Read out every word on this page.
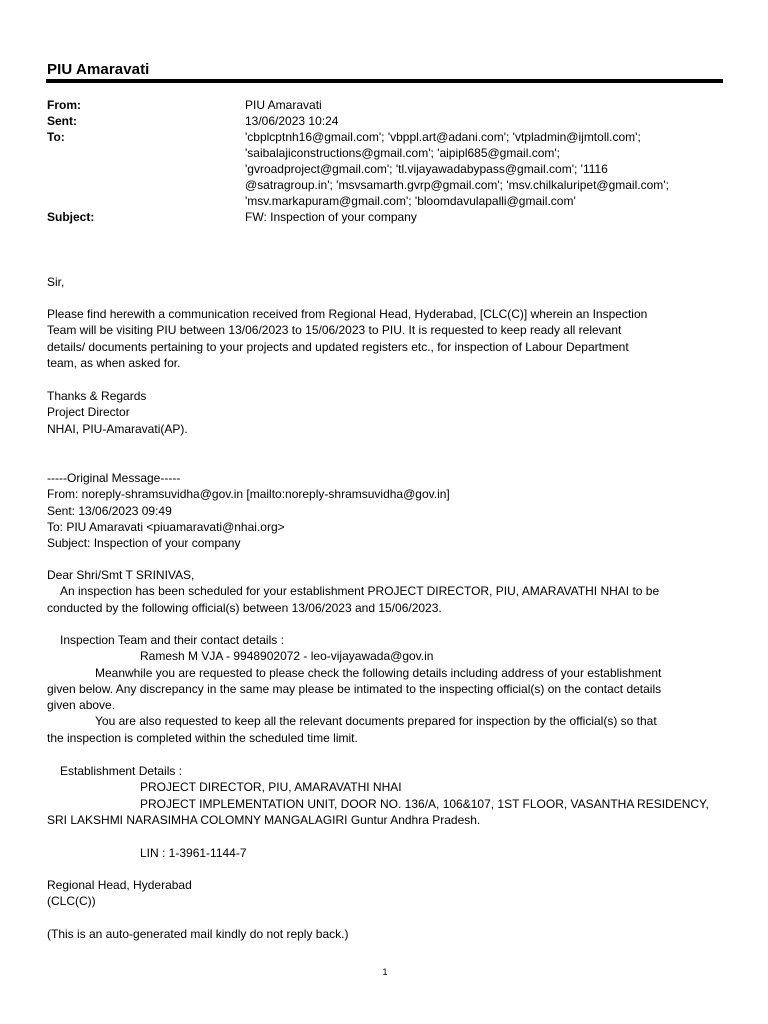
PIU Amaravati
From:	PIU Amaravati
Sent:	13/06/2023 10:24
To:	'cbplcptnh16@gmail.com'; 'vbppl.art@adani.com'; 'vtpladmin@ijmtoll.com';
'saibalajiconstructions@gmail.com'; 'aipipl685@gmail.com';
'gvroadproject@gmail.com'; 'tl.vijayawadabypass@gmail.com'; '1116
@satragroup.in'; 'msvsamarth.gvrp@gmail.com'; 'msv.chilkaluripet@gmail.com';
'msv.markapuram@gmail.com'; 'bloomdavulapalli@gmail.com'
Subject:	FW: Inspection of your company
Sir,
Please find herewith a communication received from Regional Head, Hyderabad, [CLC(C)] wherein an Inspection
Team will be visiting PIU between 13/06/2023 to 15/06/2023 to PIU. It is requested to keep ready all relevant
details/ documents pertaining to your projects and updated registers etc., for inspection of Labour Department
team, as when asked for.
Thanks & Regards
Project Director
NHAI, PIU-Amaravati(AP).
-----Original Message-----
From: noreply-shramsuvidha@gov.in [mailto:noreply-shramsuvidha@gov.in]
Sent: 13/06/2023 09:49
To: PIU Amaravati <piuamaravati@nhai.org>
Subject: Inspection of your company
Dear Shri/Smt T SRINIVAS,
An inspection has been scheduled for your establishment PROJECT DIRECTOR, PIU, AMARAVATHI NHAI to be
conducted by the following official(s) between 13/06/2023 and 15/06/2023.
Inspection Team and their contact details :
Ramesh M VJA - 9948902072 - leo-vijayawada@gov.in
Meanwhile you are requested to please check the following details including address of your establishment
given below. Any discrepancy in the same may please be intimated to the inspecting official(s) on the contact details
given above.
You are also requested to keep all the relevant documents prepared for inspection by the official(s) so that
the inspection is completed within the scheduled time limit.
Establishment Details :
PROJECT DIRECTOR, PIU, AMARAVATHI NHAI
PROJECT IMPLEMENTATION UNIT, DOOR NO. 136/A, 106&107, 1ST FLOOR, VASANTHA RESIDENCY,
SRI LAKSHMI NARASIMHA COLOMNY MANGALAGIRI Guntur Andhra Pradesh.
LIN : 1-3961-1144-7
Regional Head, Hyderabad
(CLC(C))
(This is an auto-generated mail kindly do not reply back.)
1
